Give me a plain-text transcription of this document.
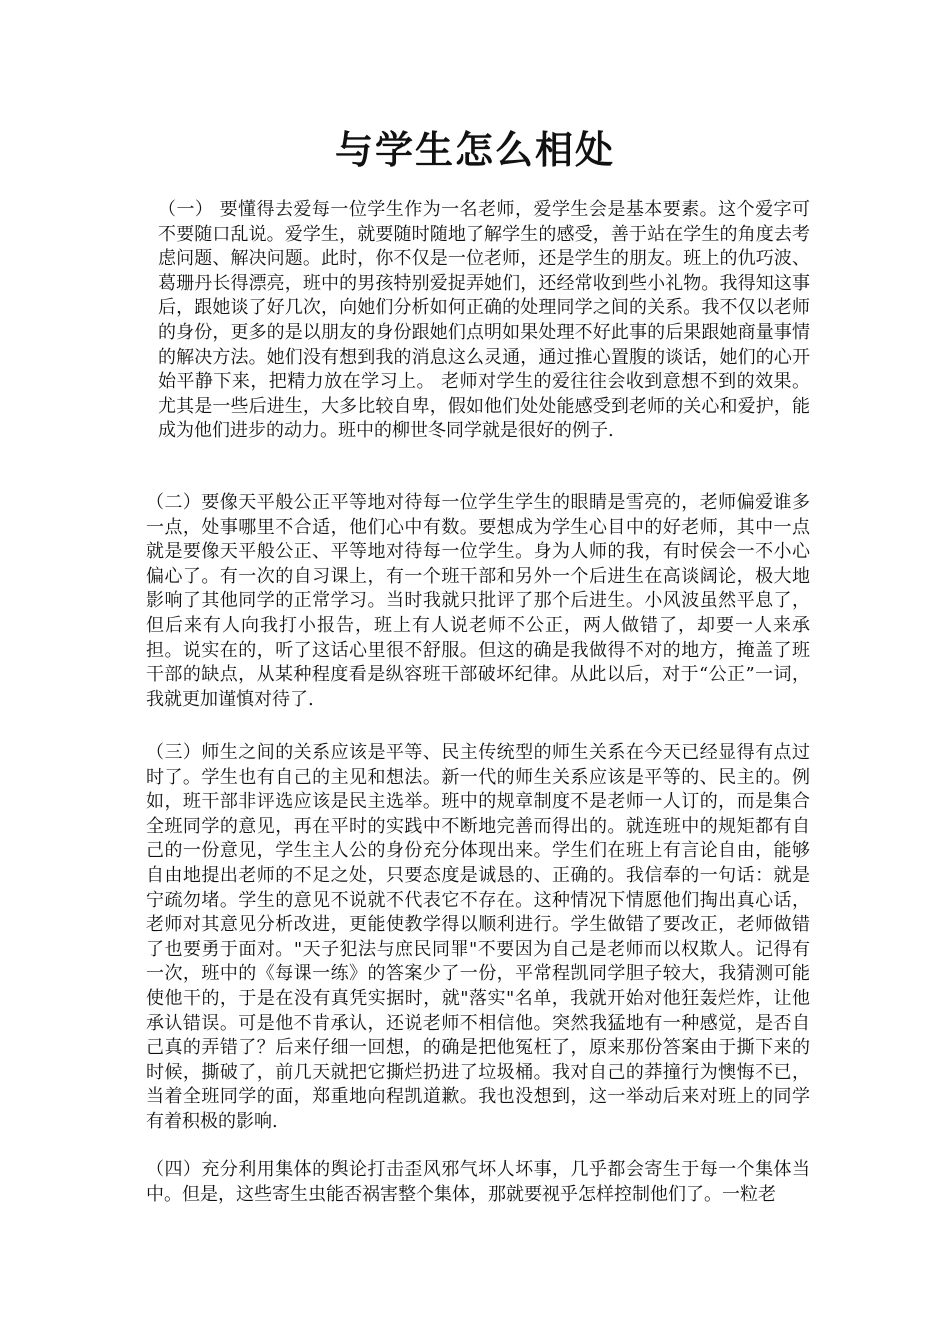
与学生怎么相处

（一） 要懂得去爱每一位学生作为一名老师，爱学生会是基本要素。这个爱字可不要随口乱说。爱学生，就要随时随地了解学生的感受，善于站在学生的角度去考虑问题、解决问题。此时，你不仅是一位老师，还是学生的朋友。班上的仇巧波、葛珊丹长得漂亮，班中的男孩特别爱捉弄她们，还经常收到些小礼物。我得知这事后，跟她谈了好几次，向她们分析如何正确的处理同学之间的关系。我不仅以老师的身份，更多的是以朋友的身份跟她们点明如果处理不好此事的后果跟她商量事情的解决方法。她们没有想到我的消息这么灵通，通过推心置腹的谈话，她们的心开始平静下来，把精力放在学习上。 老师对学生的爱往往会收到意想不到的效果。尤其是一些后进生，大多比较自卑，假如他们处处能感受到老师的关心和爱护，能成为他们进步的动力。班中的柳世冬同学就是很好的例子.

（二）要像天平般公正平等地对待每一位学生学生的眼睛是雪亮的，老师偏爱谁多一点，处事哪里不合适，他们心中有数。要想成为学生心目中的好老师，其中一点就是要像天平般公正、平等地对待每一位学生。身为人师的我，有时侯会一不小心偏心了。有一次的自习课上，有一个班干部和另外一个后进生在高谈阔论，极大地影响了其他同学的正常学习。当时我就只批评了那个后进生。小风波虽然平息了，但后来有人向我打小报告，班上有人说老师不公正，两人做错了，却要一人来承担。说实在的，听了这话心里很不舒服。但这的确是我做得不对的地方，掩盖了班干部的缺点，从某种程度看是纵容班干部破坏纪律。从此以后，对于“公正”一词，我就更加谨慎对待了.

（三）师生之间的关系应该是平等、民主传统型的师生关系在今天已经显得有点过时了。学生也有自己的主见和想法。新一代的师生关系应该是平等的、民主的。例如，班干部非评选应该是民主选举。班中的规章制度不是老师一人订的，而是集合全班同学的意见，再在平时的实践中不断地完善而得出的。就连班中的规矩都有自己的一份意见，学生主人公的身份充分体现出来。学生们在班上有言论自由，能够自由地提出老师的不足之处，只要态度是诚恳的、正确的。我信奉的一句话：就是宁疏勿堵。学生的意见不说就不代表它不存在。这种情况下情愿他们掏出真心话，老师对其意见分析改进，更能使教学得以顺利进行。学生做错了要改正，老师做错了也要勇于面对。"天子犯法与庶民同罪"不要因为自己是老师而以权欺人。记得有一次，班中的《每课一练》的答案少了一份，平常程凯同学胆子较大，我猜测可能使他干的，于是在没有真凭实据时，就"落实"名单，我就开始对他狂轰烂炸，让他承认错误。可是他不肯承认，还说老师不相信他。突然我猛地有一种感觉，是否自己真的弄错了？后来仔细一回想，的确是把他冤枉了，原来那份答案由于撕下来的时候，撕破了，前几天就把它撕烂扔进了垃圾桶。我对自己的莽撞行为懊悔不已，当着全班同学的面，郑重地向程凯道歉。我也没想到，这一举动后来对班上的同学有着积极的影响.

（四）充分利用集体的舆论打击歪风邪气坏人坏事，几乎都会寄生于每一个集体当中。但是，这些寄生虫能否祸害整个集体，那就要视乎怎样控制他们了。一粒老
